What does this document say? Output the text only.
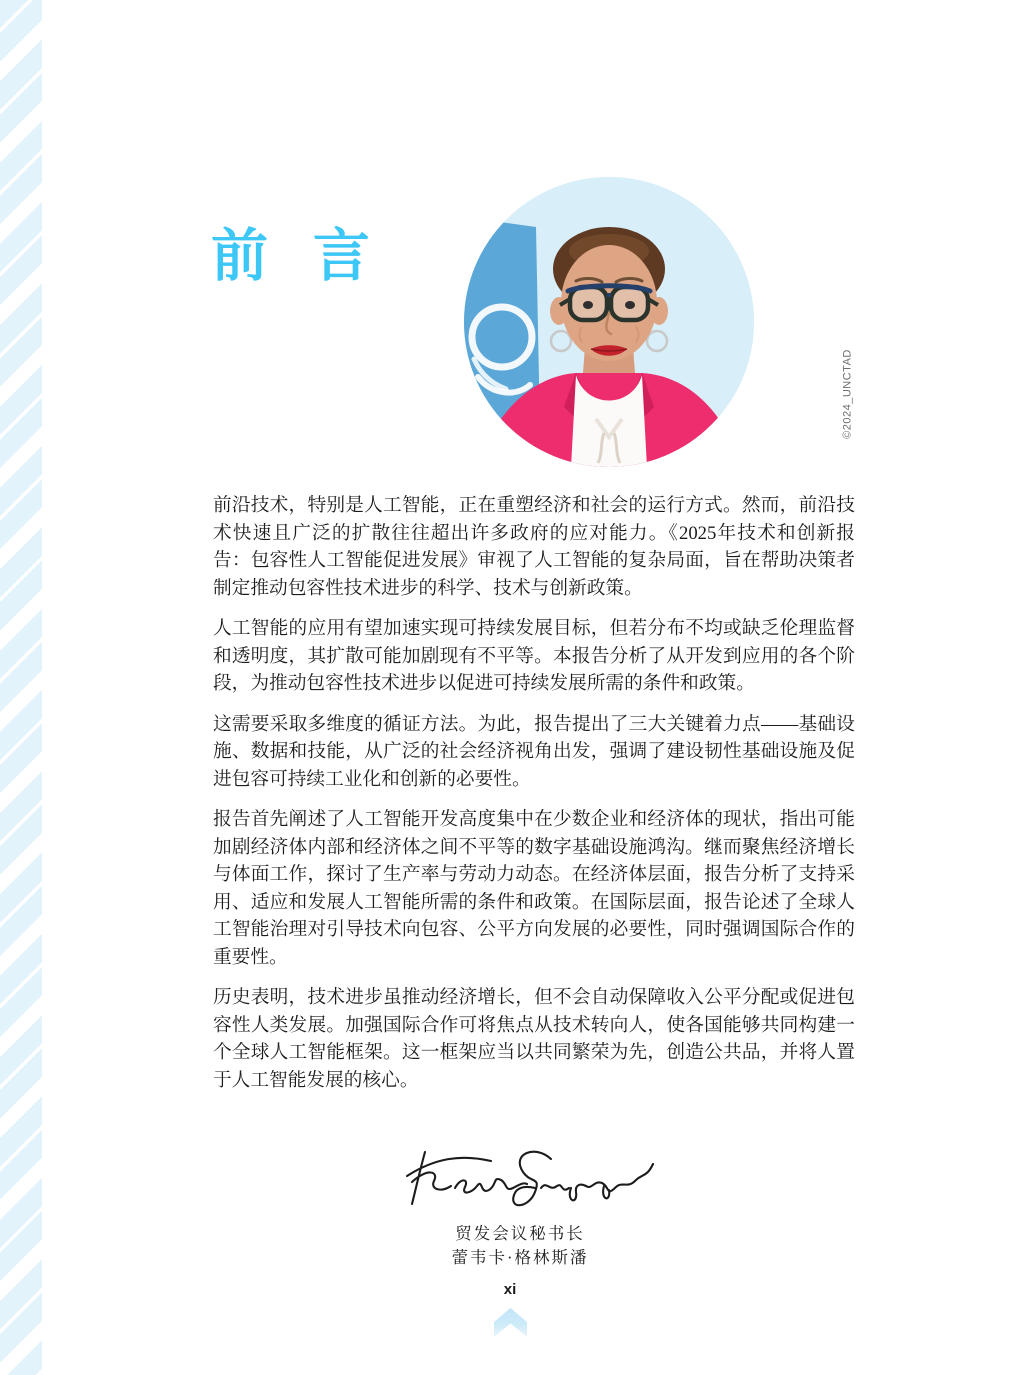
前 言
©2024_UNCTAD

前沿技术，特别是人工智能，正在重塑经济和社会的运行方式。然而，前沿技术快速且广泛的扩散往往超出许多政府的应对能力。《2025年技术和创新报告：包容性人工智能促进发展》审视了人工智能的复杂局面，旨在帮助决策者制定推动包容性技术进步的科学、技术与创新政策。

人工智能的应用有望加速实现可持续发展目标，但若分布不均或缺乏伦理监督和透明度，其扩散可能加剧现有不平等。本报告分析了从开发到应用的各个阶段，为推动包容性技术进步以促进可持续发展所需的条件和政策。

这需要采取多维度的循证方法。为此，报告提出了三大关键着力点——基础设施、数据和技能，从广泛的社会经济视角出发，强调了建设韧性基础设施及促进包容可持续工业化和创新的必要性。

报告首先阐述了人工智能开发高度集中在少数企业和经济体的现状，指出可能加剧经济体内部和经济体之间不平等的数字基础设施鸿沟。继而聚焦经济增长与体面工作，探讨了生产率与劳动力动态。在经济体层面，报告分析了支持采用、适应和发展人工智能所需的条件和政策。在国际层面，报告论述了全球人工智能治理对引导技术向包容、公平方向发展的必要性，同时强调国际合作的重要性。

历史表明，技术进步虽推动经济增长，但不会自动保障收入公平分配或促进包容性人类发展。加强国际合作可将焦点从技术转向人，使各国能够共同构建一个全球人工智能框架。这一框架应当以共同繁荣为先，创造公共品，并将人置于人工智能发展的核心。

贸发会议秘书长
蕾韦卡·格林斯潘
xi
